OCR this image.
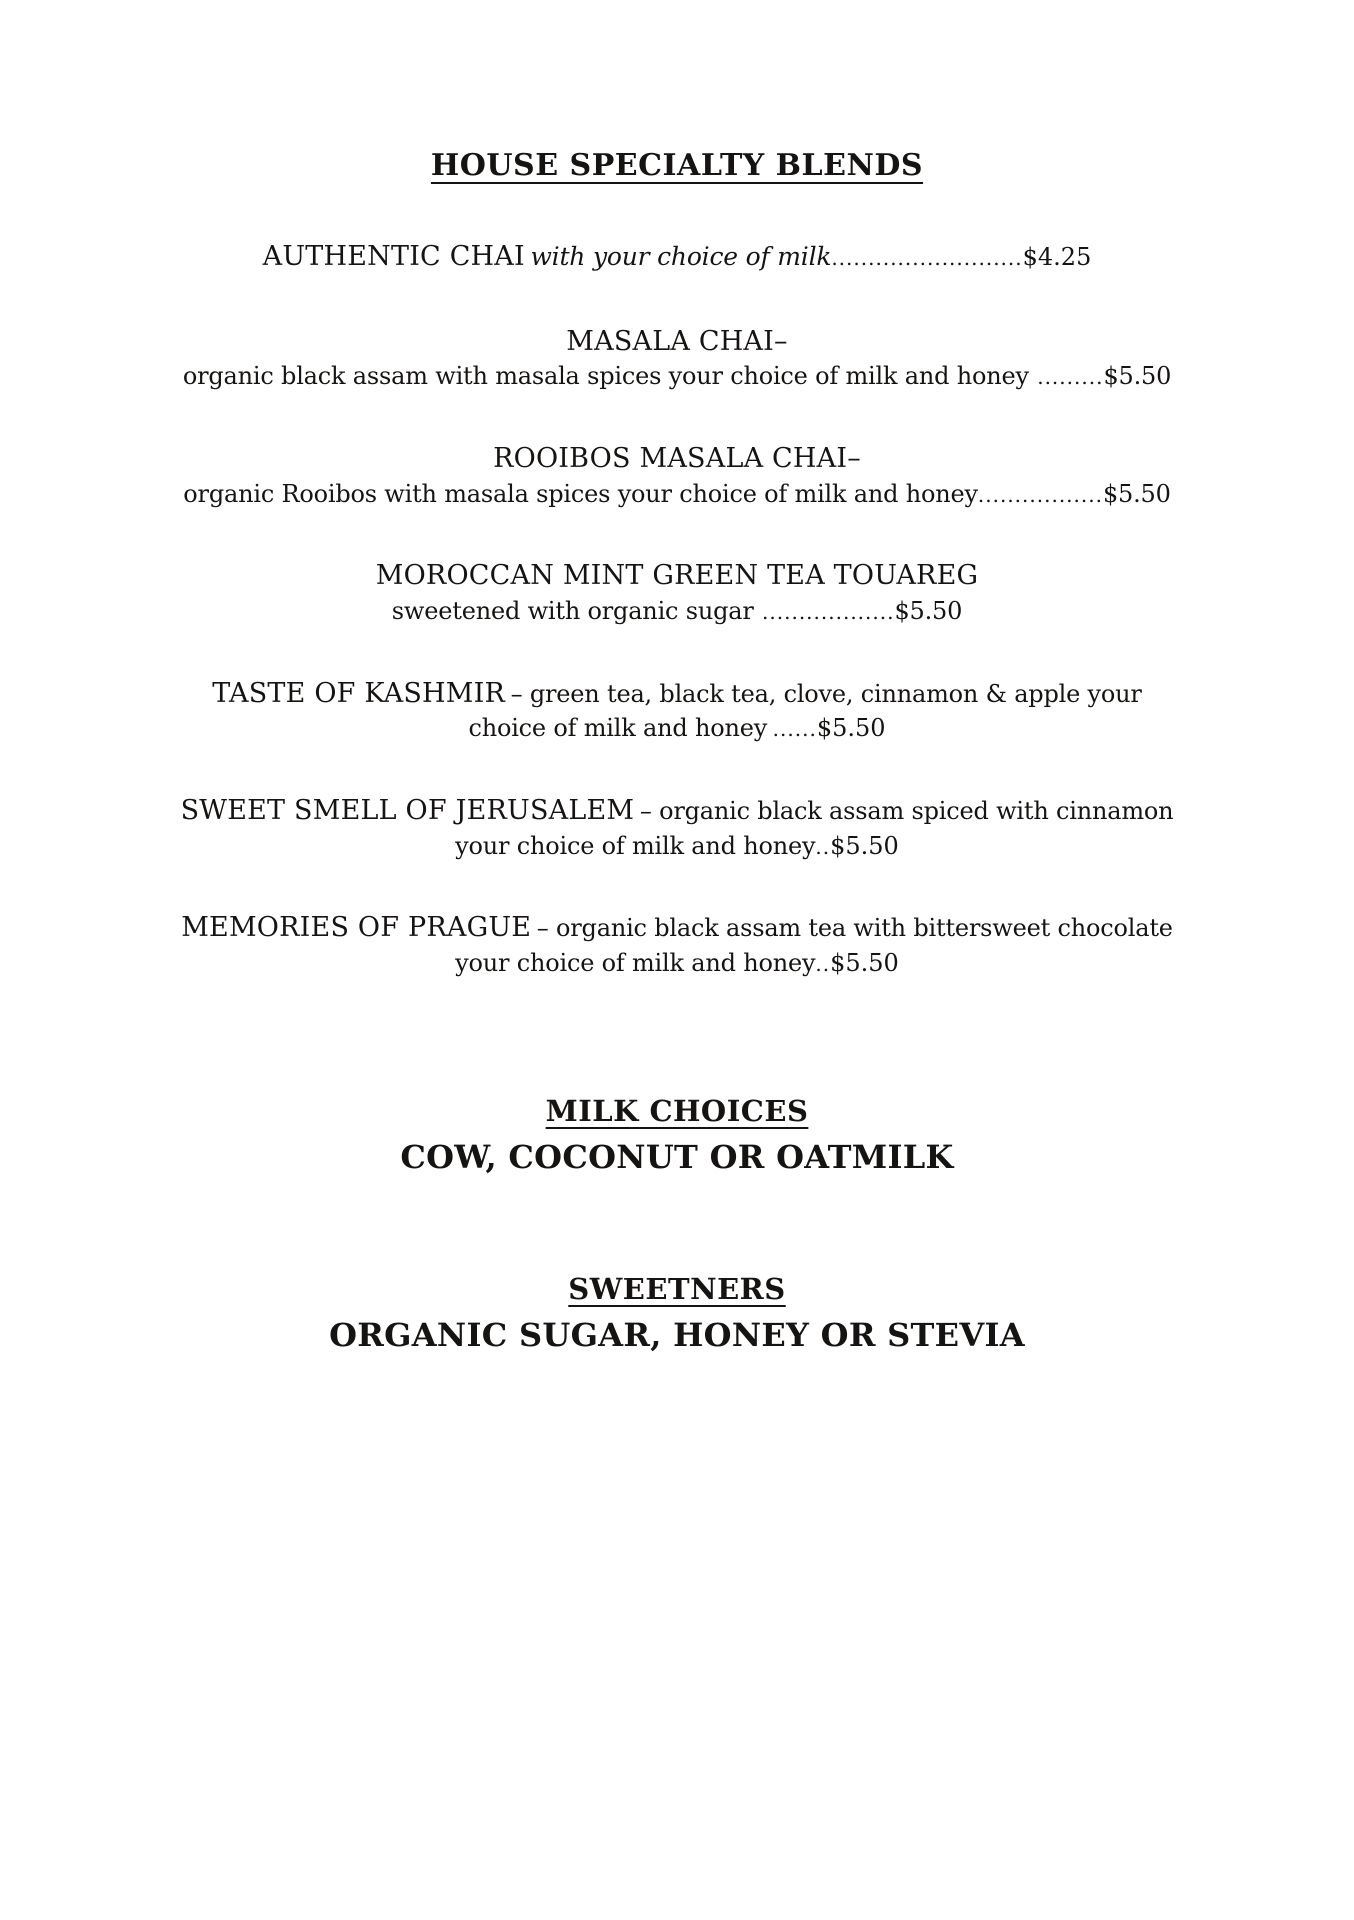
HOUSE SPECIALTY BLENDS
AUTHENTIC CHAI with your choice of milk..........................$4.25
MASALA CHAI–
organic black assam with masala spices your choice of milk and honey .........$5.50
ROOIBOS MASALA CHAI–
organic Rooibos with masala spices your choice of milk and honey.................$5.50
MOROCCAN MINT GREEN TEA TOUAREG
sweetened with organic sugar ..................$5.50
TASTE OF KASHMIR – green tea, black tea, clove, cinnamon & apple your choice of milk and honey ......$5.50
SWEET SMELL OF JERUSALEM – organic black assam spiced with cinnamon your choice of milk and honey..$5.50
MEMORIES OF PRAGUE – organic black assam tea with bittersweet chocolate your choice of milk and honey..$5.50
MILK CHOICES
COW, COCONUT OR OATMILK
SWEETNERS
ORGANIC SUGAR, HONEY OR STEVIA
